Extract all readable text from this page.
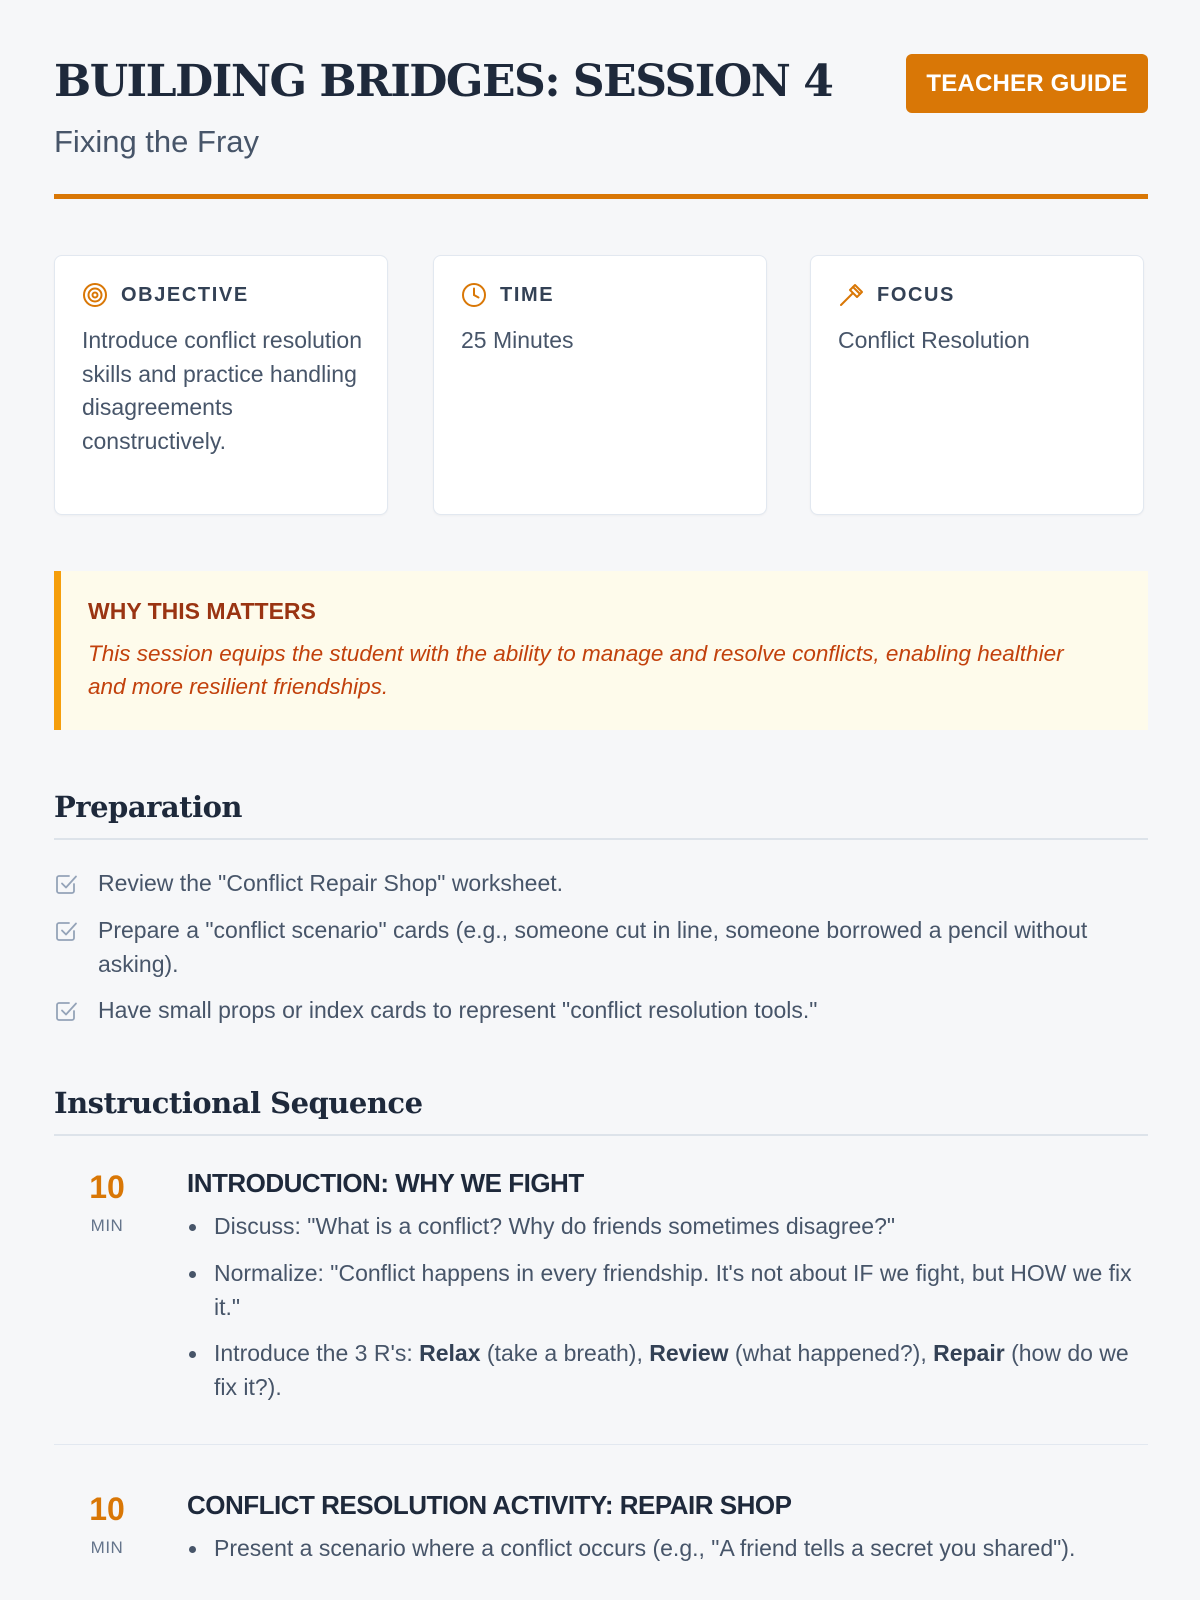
BUILDING BRIDGES: SESSION 4

Fixing the Fray

TEACHER GUIDE
OBJECTIVE
Introduce conflict resolution skills and practice handling disagreements constructively.
TIME
25 Minutes
FOCUS
Conflict Resolution
WHY THIS MATTERS
This session equips the student with the ability to manage and resolve conflicts, enabling healthier and more resilient friendships.
Preparation
Review the "Conflict Repair Shop" worksheet.
Prepare a "conflict scenario" cards (e.g., someone cut in line, someone borrowed a pencil without asking).
Have small props or index cards to represent "conflict resolution tools."
Instructional Sequence
10
MIN
INTRODUCTION: WHY WE FIGHT
Discuss: "What is a conflict? Why do friends sometimes disagree?"
Normalize: "Conflict happens in every friendship. It's not about IF we fight, but HOW we fix it."
Introduce the 3 R's: Relax (take a breath), Review (what happened?), Repair (how do we fix it?).
10
MIN
CONFLICT RESOLUTION ACTIVITY: REPAIR SHOP
Present a scenario where a conflict occurs (e.g., "A friend tells a secret you shared").
